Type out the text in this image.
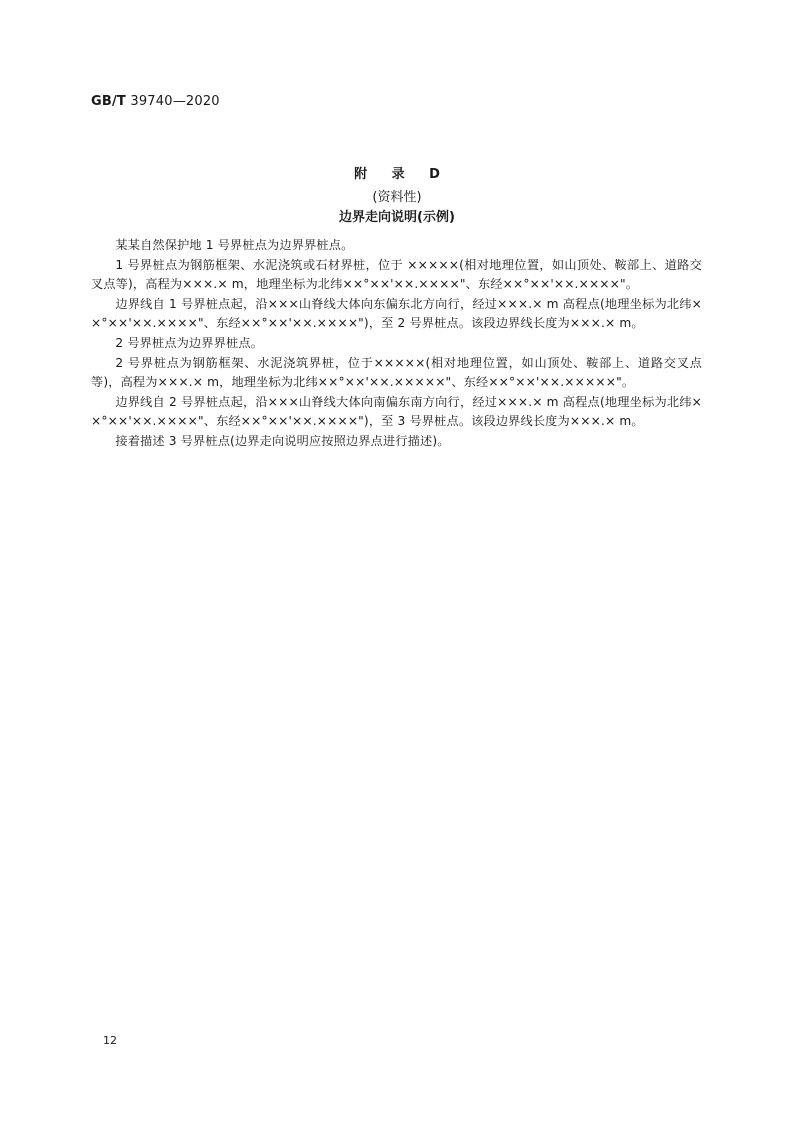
GB/T 39740—2020
附 录 D
(资料性)
边界走向说明(示例)

某某自然保护地 1 号界桩点为边界界桩点。

1 号界桩点为钢筋框架、水泥浇筑或石材界桩，位于 ×××××(相对地理位置，如山顶处、鞍部上、道路交叉点等)，高程为×××.× m，地理坐标为北纬××°××'××.××××"、东经××°××'××.××××"。

边界线自 1 号界桩点起，沿×××山脊线大体向东偏东北方向行，经过×××.× m 高程点(地理坐标为北纬××°××'××.××××"、东经××°××'××.××××")，至 2 号界桩点。该段边界线长度为×××.× m。

2 号界桩点为边界界桩点。

2 号界桩点为钢筋框架、水泥浇筑界桩，位于×××××(相对地理位置，如山顶处、鞍部上、道路交叉点等)，高程为×××.× m，地理坐标为北纬××°××'××.×××××"、东经××°××'××.×××××"。

边界线自 2 号界桩点起，沿×××山脊线大体向南偏东南方向行，经过×××.× m 高程点(地理坐标为北纬××°××'××.××××"、东经××°××'××.××××")，至 3 号界桩点。该段边界线长度为×××.× m。

接着描述 3 号界桩点(边界走向说明应按照边界点进行描述)。

12
